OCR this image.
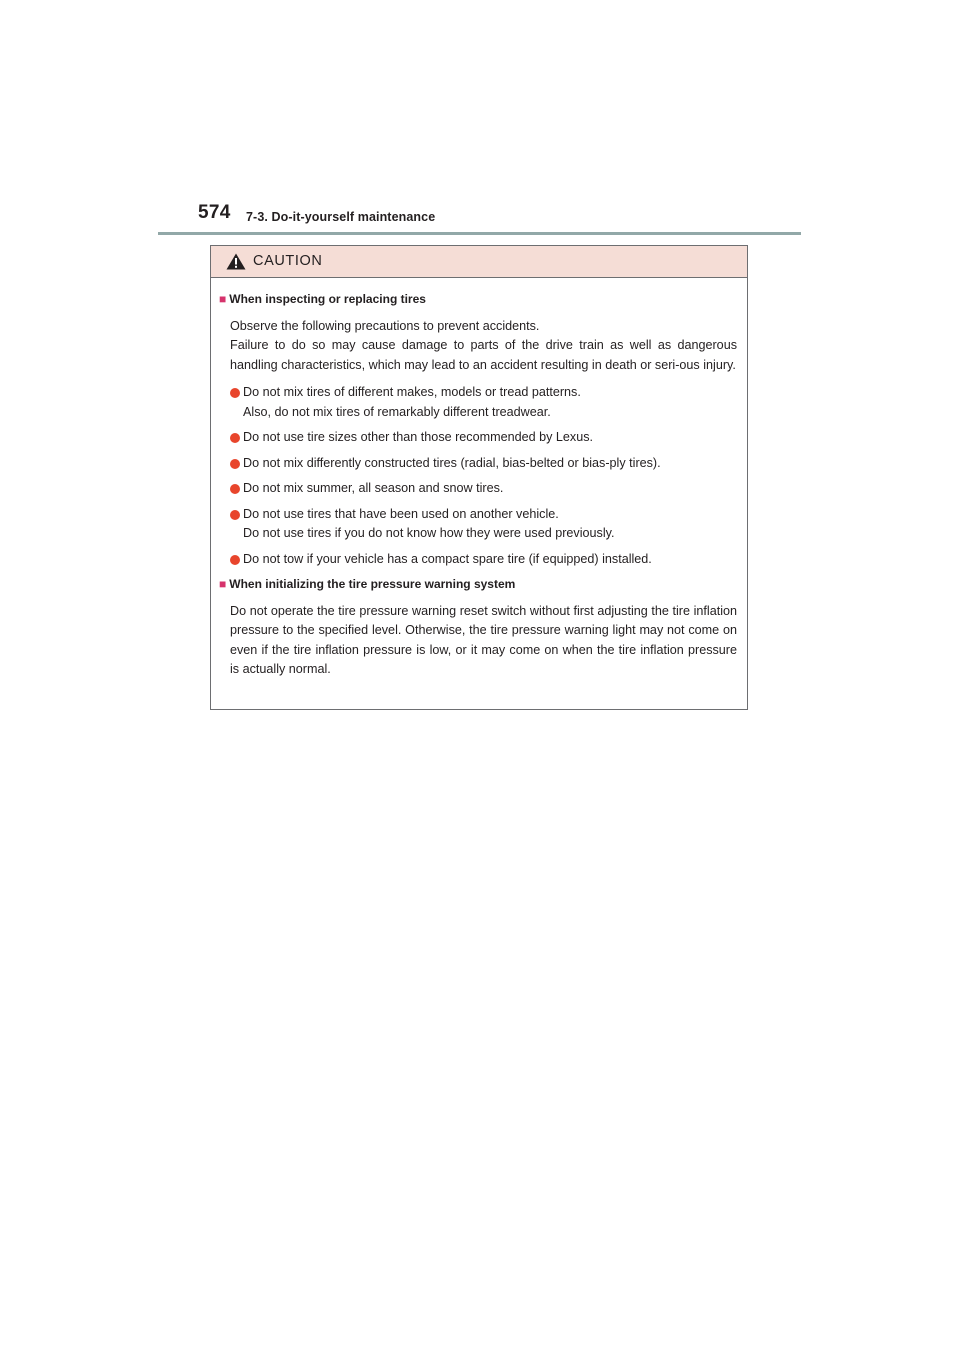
574 7-3. Do-it-yourself maintenance
CAUTION
■ When inspecting or replacing tires
Observe the following precautions to prevent accidents.
Failure to do so may cause damage to parts of the drive train as well as dangerous handling characteristics, which may lead to an accident resulting in death or seri-ous injury.
Do not mix tires of different makes, models or tread patterns.
Also, do not mix tires of remarkably different treadwear.
Do not use tire sizes other than those recommended by Lexus.
Do not mix differently constructed tires (radial, bias-belted or bias-ply tires).
Do not mix summer, all season and snow tires.
Do not use tires that have been used on another vehicle.
Do not use tires if you do not know how they were used previously.
Do not tow if your vehicle has a compact spare tire (if equipped) installed.
■ When initializing the tire pressure warning system
Do not operate the tire pressure warning reset switch without first adjusting the tire inflation pressure to the specified level. Otherwise, the tire pressure warning light may not come on even if the tire inflation pressure is low, or it may come on when the tire inflation pressure is actually normal.
